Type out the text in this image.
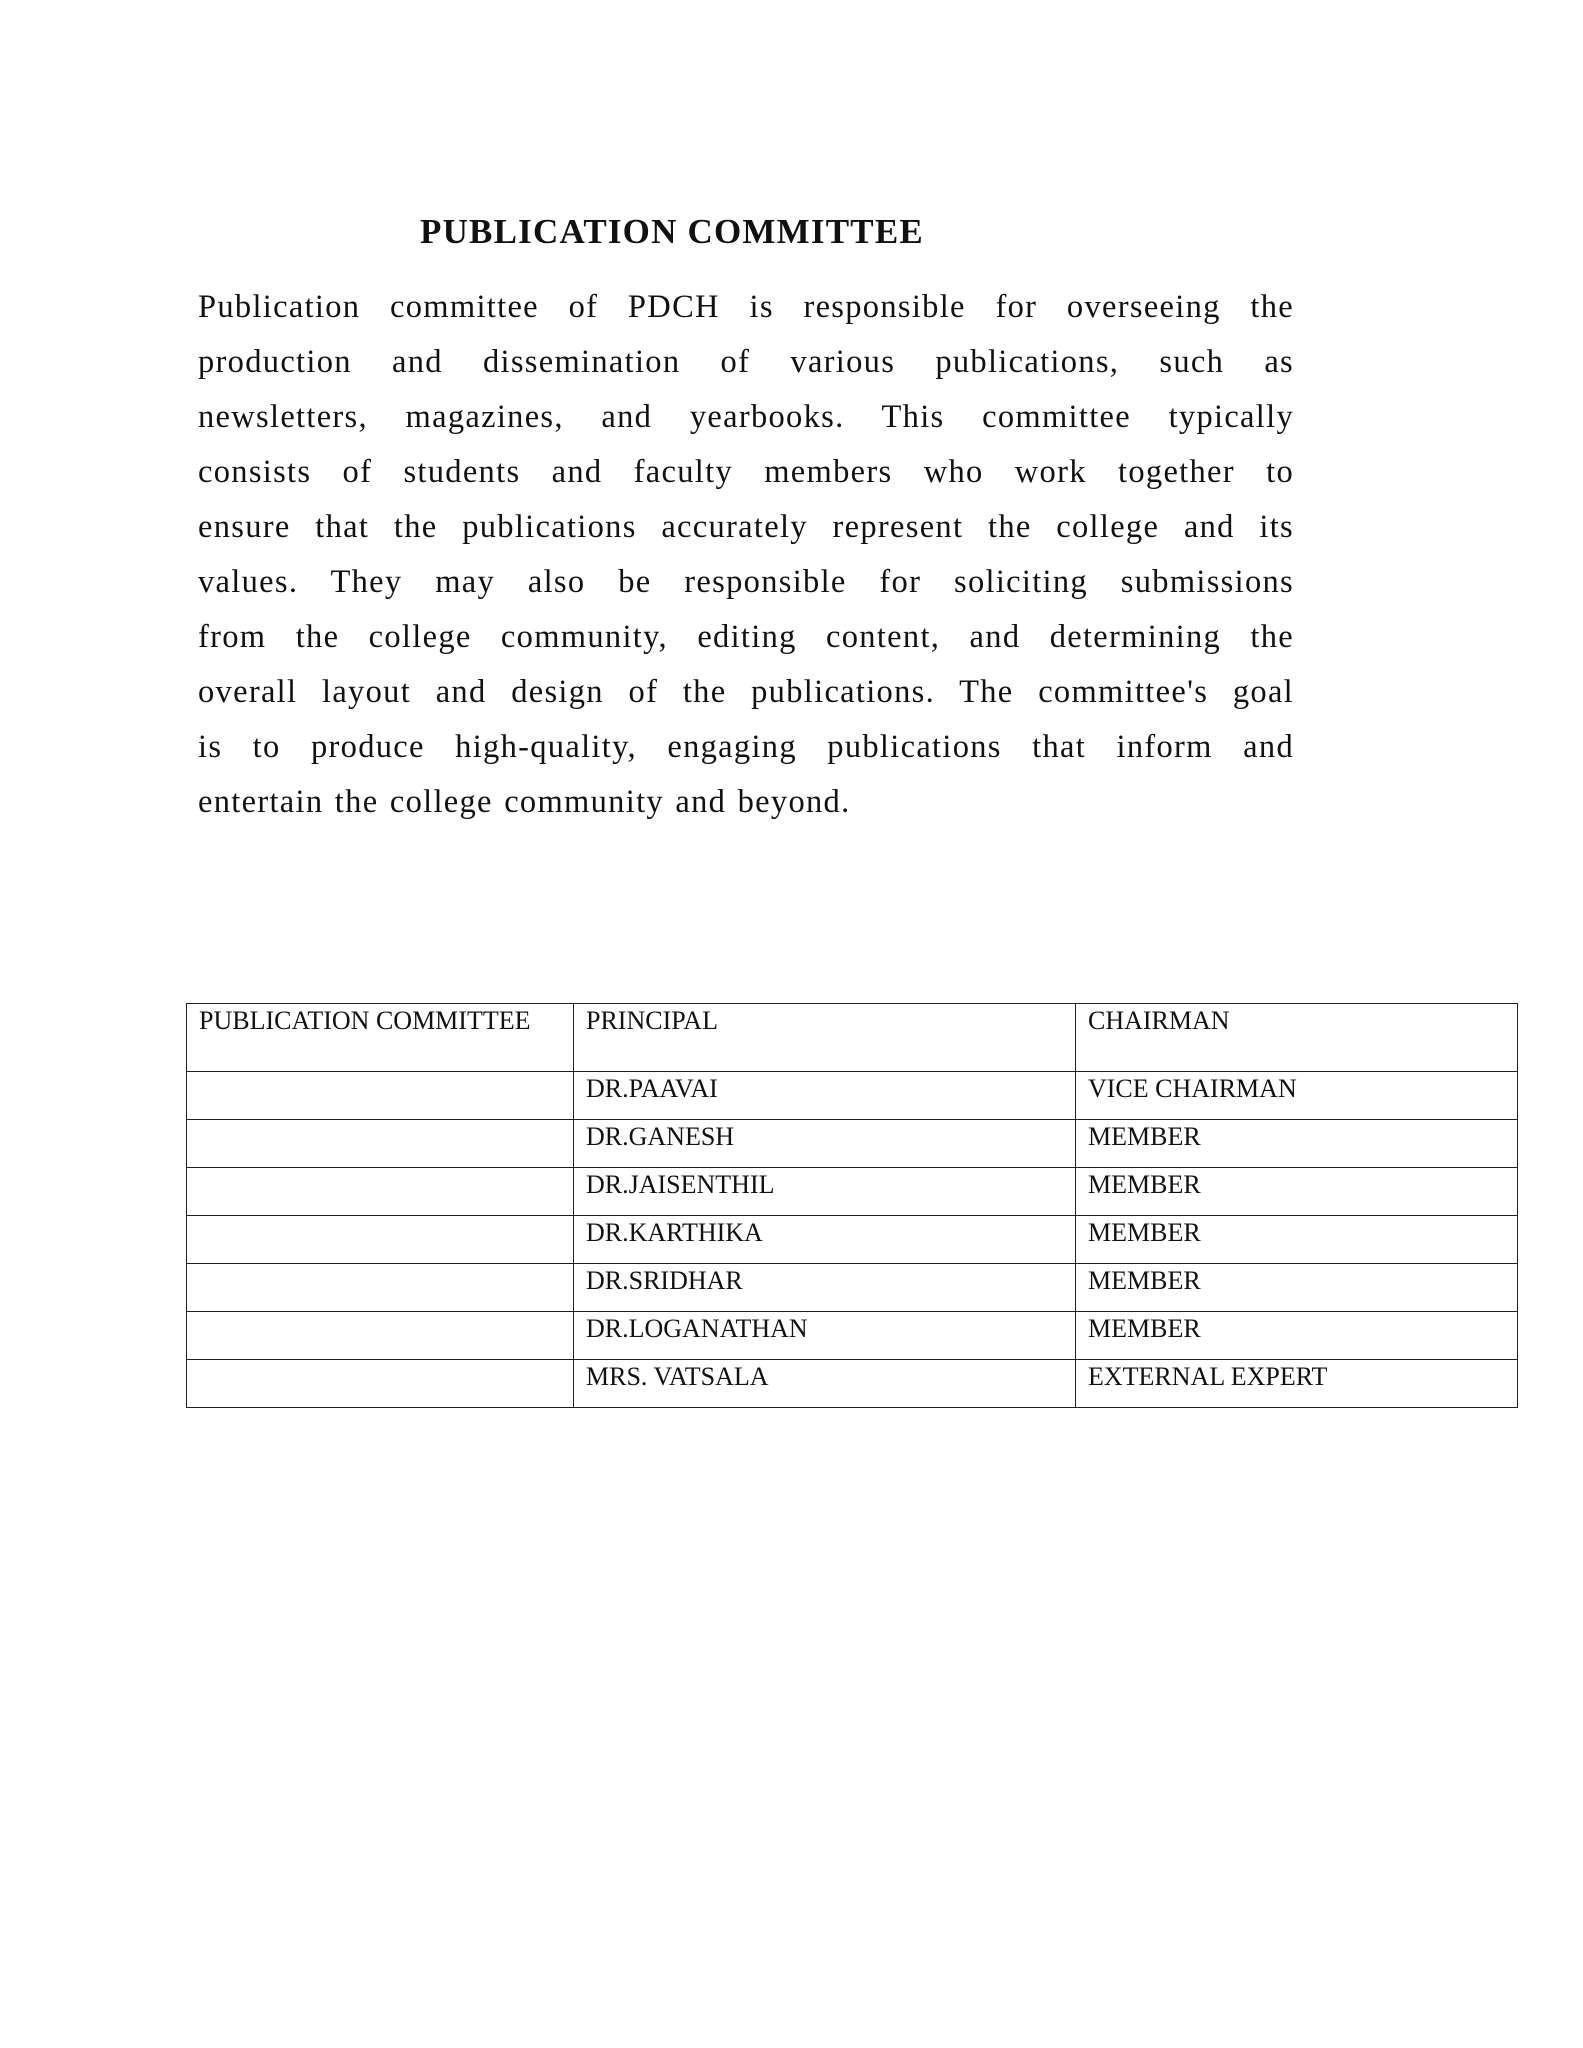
PUBLICATION COMMITTEE
Publication committee of PDCH is responsible for overseeing the
production and dissemination of various publications, such as
newsletters, magazines, and yearbooks. This committee typically
consists of students and faculty members who work together to
ensure that the publications accurately represent the college and its
values. They may also be responsible for soliciting submissions
from the college community, editing content, and determining the
overall layout and design of the publications. The committee's goal
is to produce high-quality, engaging publications that inform and
entertain the college community and beyond.
PUBLICATION COMMITTEE	PRINCIPAL	CHAIRMAN
	DR.PAAVAI	VICE CHAIRMAN
	DR.GANESH	MEMBER
	DR.JAISENTHIL	MEMBER
	DR.KARTHIKA	MEMBER
	DR.SRIDHAR	MEMBER
	DR.LOGANATHAN	MEMBER
	MRS. VATSALA	EXTERNAL EXPERT
